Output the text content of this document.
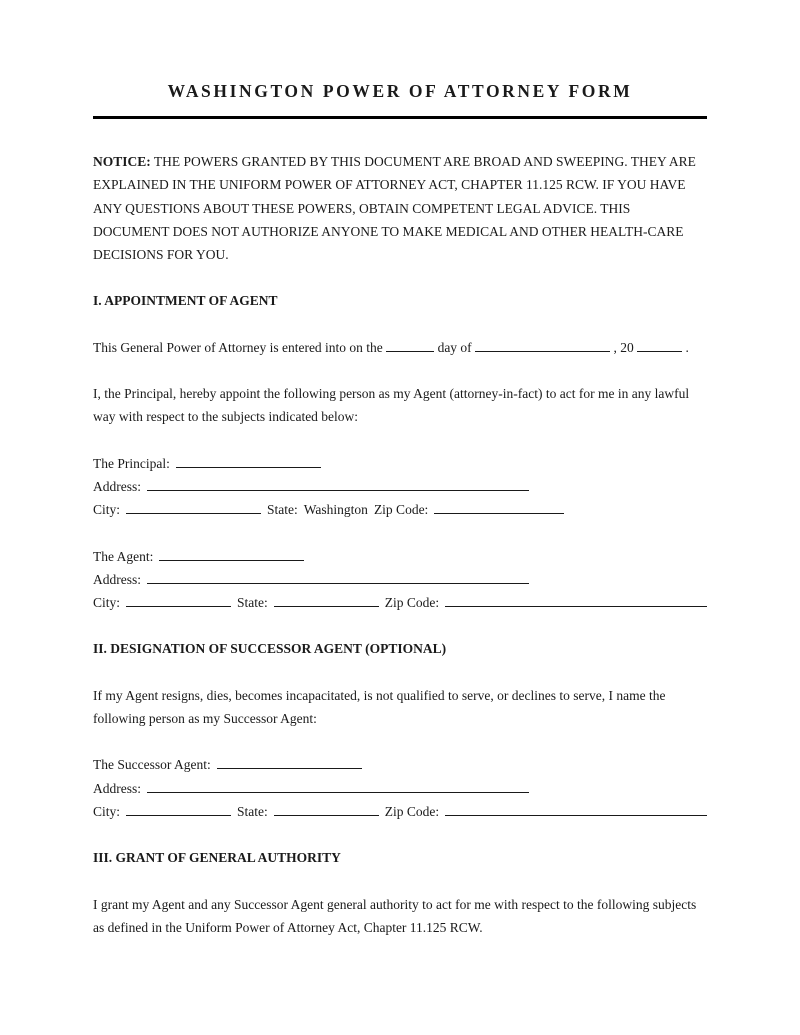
WASHINGTON POWER OF ATTORNEY FORM

NOTICE: THE POWERS GRANTED BY THIS DOCUMENT ARE BROAD AND SWEEPING. THEY ARE EXPLAINED IN THE UNIFORM POWER OF ATTORNEY ACT, CHAPTER 11.125 RCW. IF YOU HAVE ANY QUESTIONS ABOUT THESE POWERS, OBTAIN COMPETENT LEGAL ADVICE. THIS DOCUMENT DOES NOT AUTHORIZE ANYONE TO MAKE MEDICAL AND OTHER HEALTH-CARE DECISIONS FOR YOU.

I. APPOINTMENT OF AGENT

This General Power of Attorney is entered into on the	day of	, 20	.

I, the Principal, hereby appoint the following person as my Agent (attorney-in-fact) to act for me in any lawful way with respect to the subjects indicated below:

The Principal:
Address:
City:	State: Washington Zip Code:
The Agent:
Address:
City:	State:	Zip Code:
II. DESIGNATION OF SUCCESSOR AGENT (OPTIONAL)

If my Agent resigns, dies, becomes incapacitated, is not qualified to serve, or declines to serve, I name the following person as my Successor Agent:

The Successor Agent:
Address:
City:	State:	Zip Code:
III. GRANT OF GENERAL AUTHORITY

I grant my Agent and any Successor Agent general authority to act for me with respect to the following subjects as defined in the Uniform Power of Attorney Act, Chapter 11.125 RCW.
